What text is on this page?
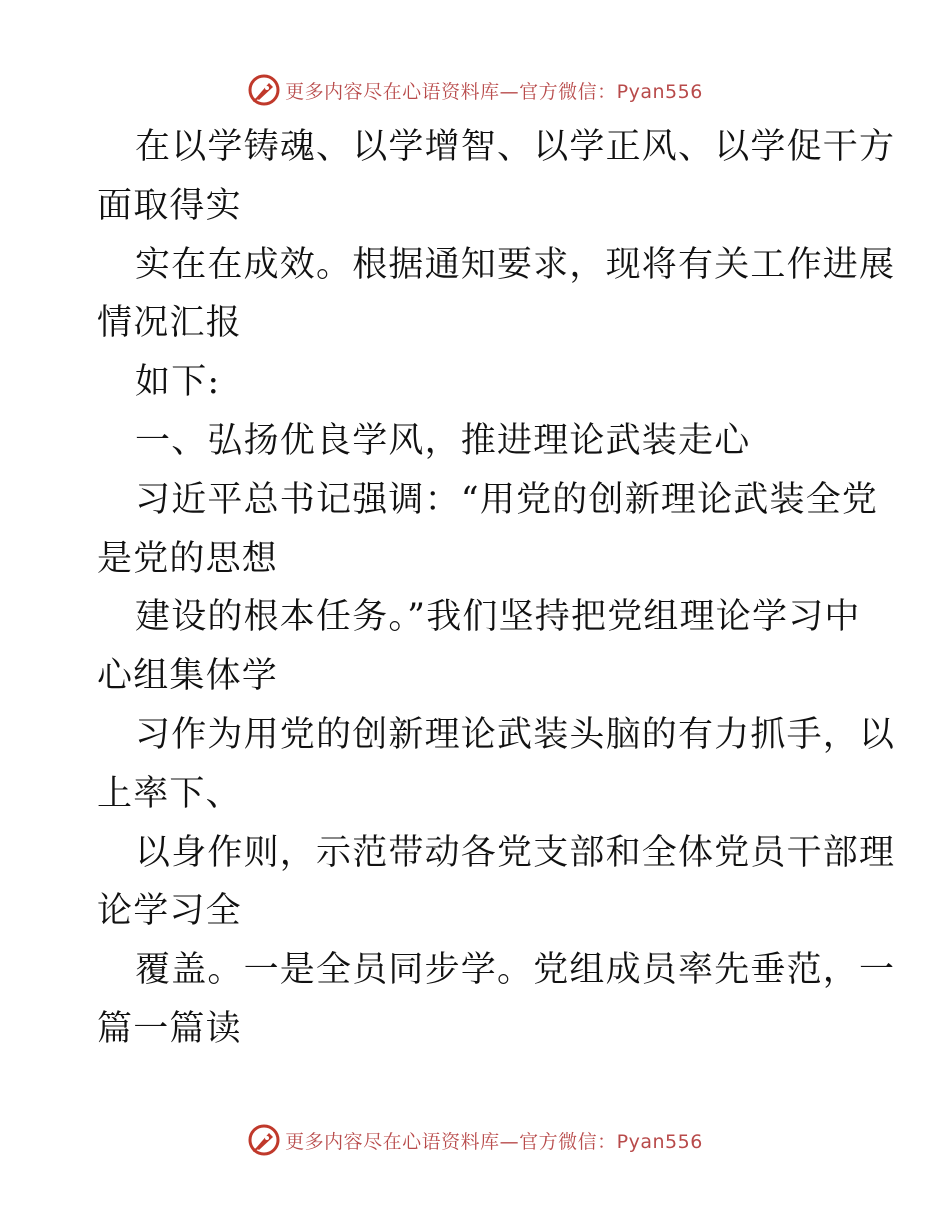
更多内容尽在心语资料库—官方微信：Pyan556
在以学铸魂、以学增智、以学正风、以学促干方
面取得实
实在在成效。根据通知要求，现将有关工作进展
情况汇报
如下:
一、弘扬优良学风，推进理论武装走心
习近平总书记强调：“用党的创新理论武装全党
是党的思想
建设的根本任务。”我们坚持把党组理论学习中
心组集体学
习作为用党的创新理论武装头脑的有力抓手，以
上率下、
以身作则，示范带动各党支部和全体党员干部理
论学习全
覆盖。一是全员同步学。党组成员率先垂范，一
篇一篇读
更多内容尽在心语资料库—官方微信：Pyan556
